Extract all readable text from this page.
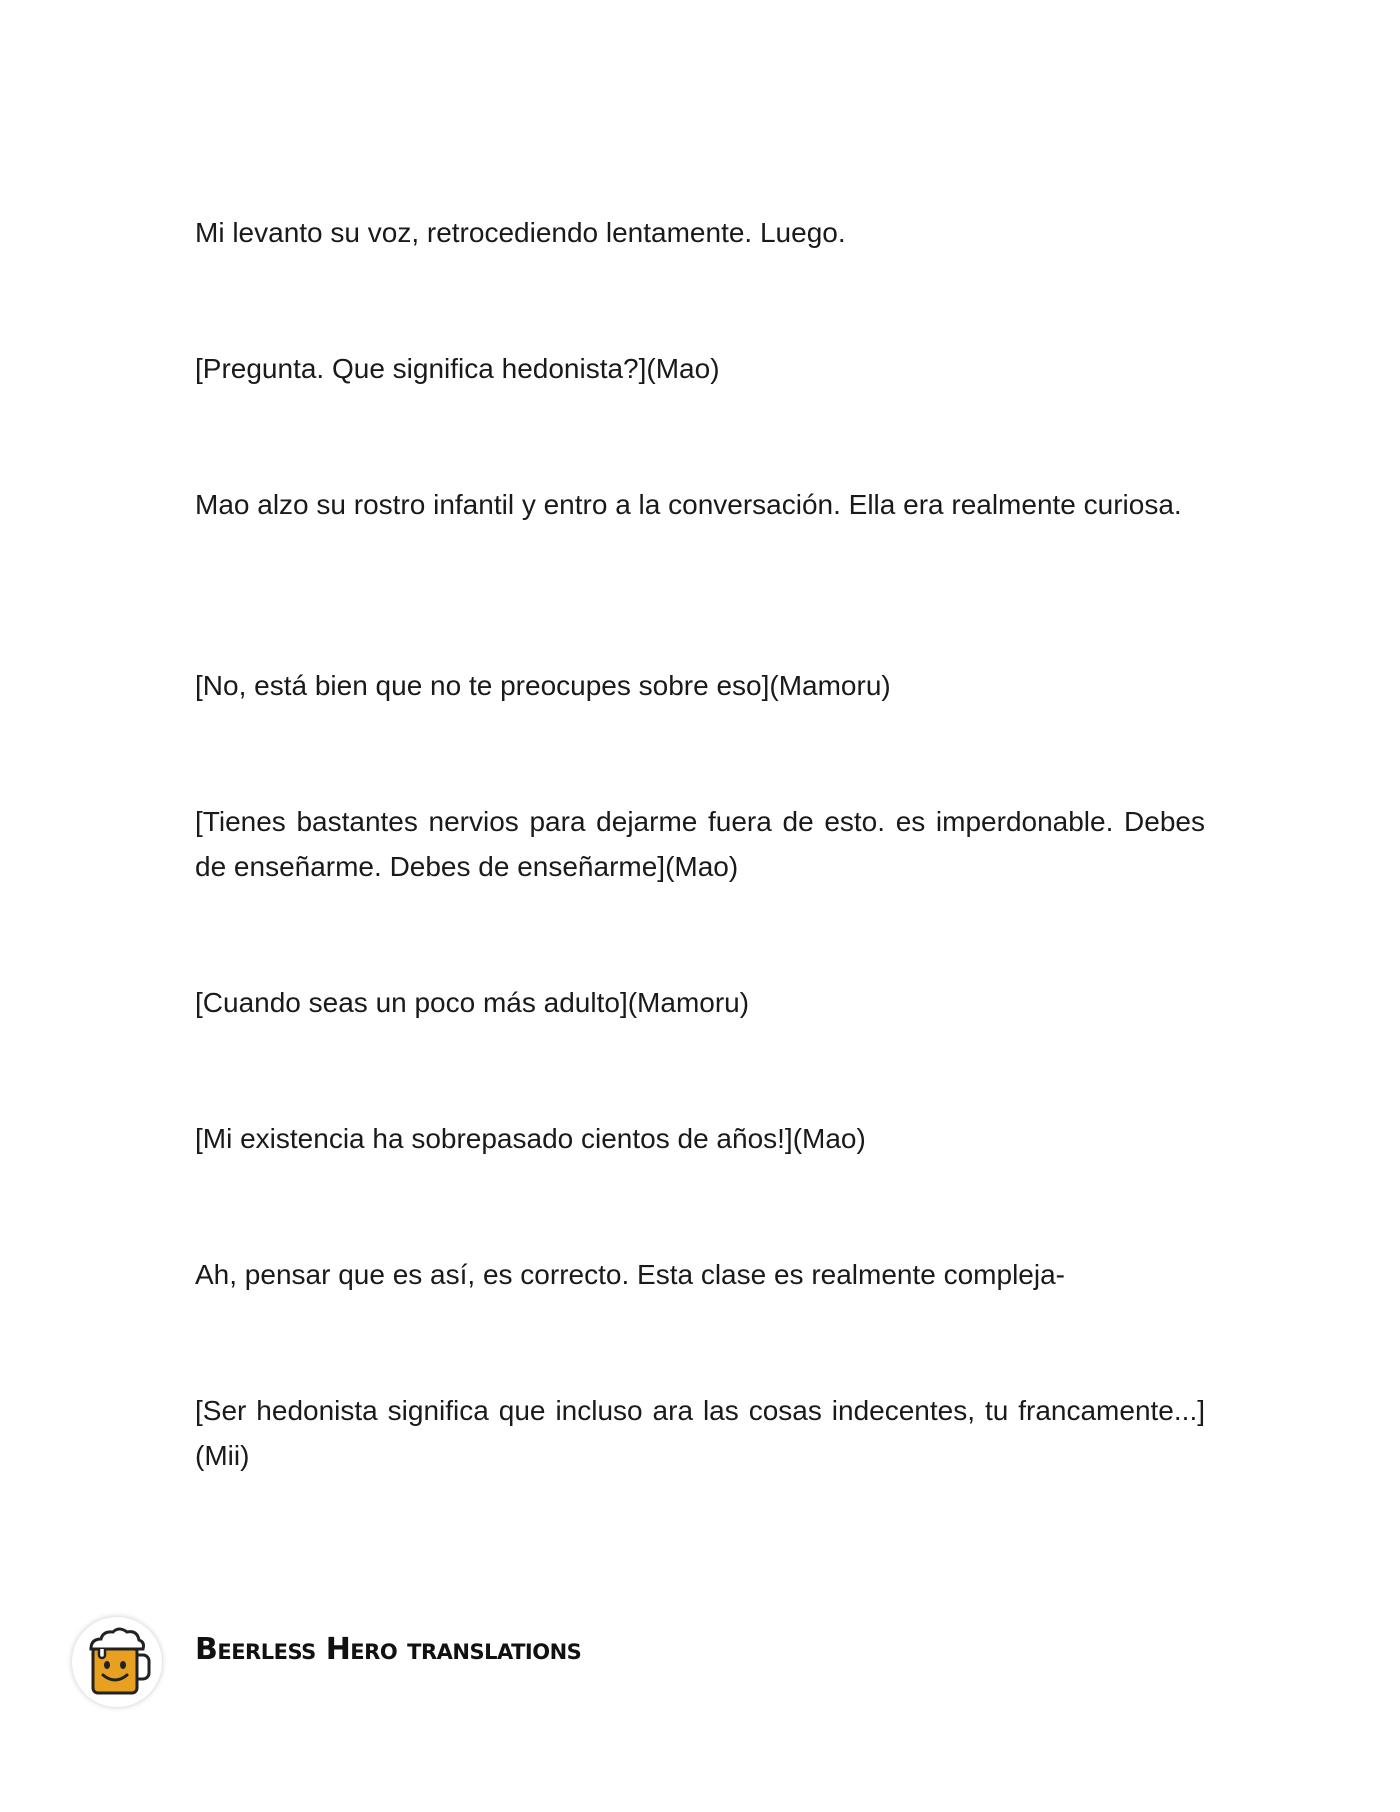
Mi levanto su voz, retrocediendo lentamente. Luego.

[Pregunta. Que significa hedonista?](Mao)

Mao alzo su rostro infantil y entro a la conversación. Ella era realmente curiosa.

[No, está bien que no te preocupes sobre eso](Mamoru)

[Tienes bastantes nervios para dejarme fuera de esto. es imperdonable. Debes de enseñarme. Debes de enseñarme](Mao)

[Cuando seas un poco más adulto](Mamoru)

[Mi existencia ha sobrepasado cientos de años!](Mao)

Ah, pensar que es así, es correcto. Esta clase es realmente compleja-

[Ser hedonista significa que incluso ara las cosas indecentes, tu francamente...](Mii)

Beerless Hero translations
